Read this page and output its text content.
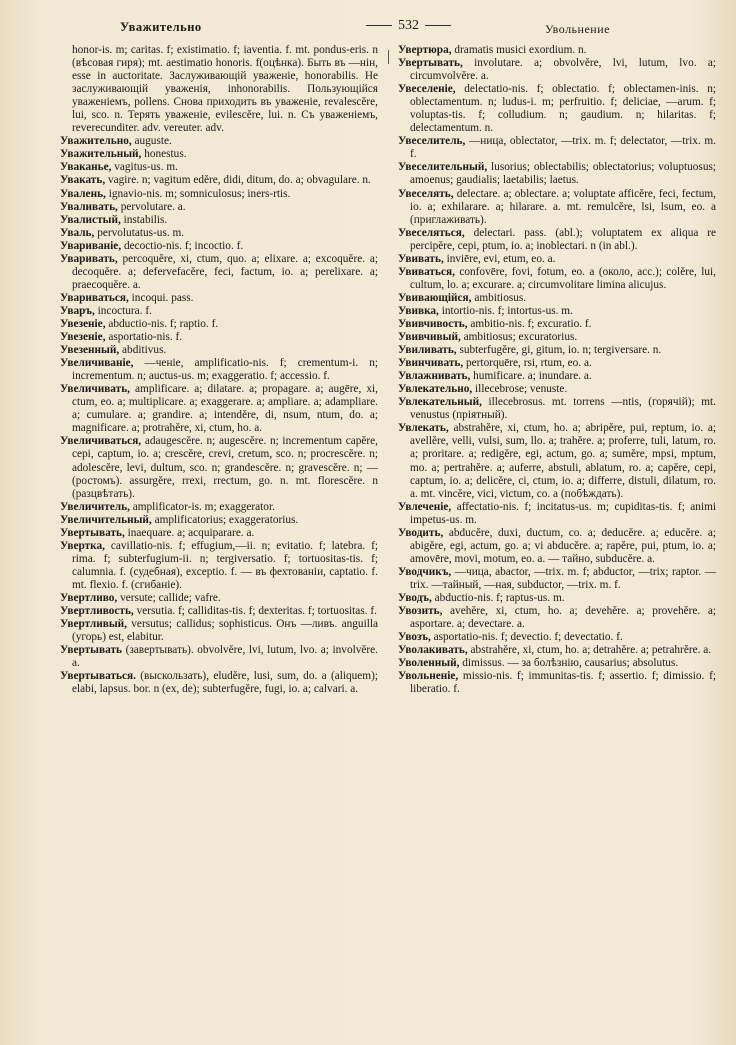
Уважительно	532	Увольнение

honor-is. m; caritas. f; existimatio. f; iaventia. f. mt. pondus-eris. n (вѣсовая гиря); mt. aestimatio honoris. f(оцѣнка). Быть въ —нін, esse in auctoritate. Заслуживающій уваженіе, honorabilis. Не заслуживающій уваженія, inhonorabilis. Пользующійся уваженіемъ, pollens. Снова приходить въ уваженіе, revalescĕre, lui, sco. n. Терять уваженіе, evilescĕre, lui. n. Съ уваженіемъ, reverecunditer. adv. vereuter. adv.

Уважительно, auguste.

Уважительный, honestus.

Уваканье, vagitus-us. m.

Увакать, vagire. n; vagitum edĕre, didi, ditum, do. a; obvagulare. n.

Увалень, ignavio-nis. m; somniculosus; iners-rtis.

Уваливать, pervolutare. a.

Увалистый, instabilis.

Уваль, pervolutatus-us. m.

Увариваніе, decoctio-nis. f; incoctio. f.

Уваривать, percoquĕre, xi, ctum, quo. a; elixare. a; excoquĕre. a; decoquĕre. a; defervefacĕre, feci, factum, io. a; perelixare. a; praecoquĕre. a.

Увариваться, incoqui. pass.

Уваръ, incoctura. f.

Увезеніе, abductio-nis. f; raptio. f.

Увезеніе, asportatio-nis. f.

Увезенный, abditivus.

Увеличиваніе, —ченіе, amplificatio-nis. f; crementum-i. n; incrementum. n; auctus-us. m; exaggeratio. f; accessio. f.

Увеличивать, amplificare. a; dilatare. a; propagare. a; augēre, xi, ctum, eo. a; multiplicare. a; exaggerare. a; ampliare. a; adampliare. a; cumulare. a; grandire. a; intendĕre, di, nsum, ntum, do. a; magnificare. a; protrahĕre, xi, ctum, ho. a.

Увеличиваться, adaugescĕre. n; augescĕre. n; incrementum capĕre, cepi, captum, io. a; crescĕre, crevi, cretum, sco. n; procrescĕre. n; adolescĕre, levi, dultum, sco. n; grandescĕre. n; gravescĕre. n; — (ростомъ). assurgĕre, rrexi, rrectum, go. n. mt. florescĕre. n (разцвѣтать).

Увеличитель, amplificator-is. m; exaggerator.

Увеличительный, amplificatorius; exaggeratorius.

Увертывать, inaequare. a; acquiparare. a.

Увертка, cavillatio-nis. f; effugium,—ii. n; evitatio. f; latebra. f; rima. f; subterfugium-ii. n; tergiversatio. f; tortuositas-tis. f; calumnia. f. (судебная), exceptio. f. — въ фехтованіи, captatio. f. mt. flexio. f. (сгибаніе).

Увертливо, versute; callide; vafre.

Увертливость, versutia. f; calliditas-tis. f; dexteritas. f; tortuositas. f.

Увертливый, versutus; callidus; sophisticus. Онъ —ливъ. anguilla (угорь) est, elabitur.

Увертывать (завертывать). obvolvĕre, lvi, lutum, lvo. a; involvĕre. a.

Увертываться. (выскользать), eludĕre, lusi, sum, do. a (aliquem); elabi, lapsus. bor. n (ex, de); subterfugĕre, fugi, io. a; calvari. a.

Увертюра, dramatis musici exordium. n.

Увертывать, involutare. a; obvolvĕre, lvi, lutum, lvo. a; circumvolvĕre. a.

Увеселеніе, delectatio-nis. f; oblectatio. f; oblectamen-inis. n; oblectamentum. n; ludus-i. m; perfruitio. f; deliciae, —arum. f; voluptas-tis. f; colludium. n; gaudium. n; hilaritas. f; delectamentum. n.

Увеселитель, —ница, oblectator, —trix. m. f; delectator, —trix. m. f.

Увеселительный, lusorius; oblectabilis; oblectatorius; voluptuosus; amoenus; gaudialis; laetabilis; laetus.

Увеселять, delectare. a; oblectare. a; voluptate afficĕre, feci, fectum, io. a; exhilarare. a; hilarare. a. mt. remulcĕre, lsi, lsum, eo. a (приглаживать).

Увеселяться, delectari. pass. (abl.); voluptatem ex aliqua re percipĕre, cepi, ptum, io. a; inoblectari. n (in abl.).

Увивать, inviēre, evi, etum, eo. a.

Увиваться, confovēre, fovi, fotum, eo. a (около, acc.); colĕre, lui, cultum, lo. a; excurare. a; circumvolitare limina alicujus.

Увивающійся, ambitiosus.

Увивка, intortio-nis. f; intortus-us. m.

Увивчивость, ambitio-nis. f; excuratio. f.

Увивчивый, ambitiosus; excuratorius.

Увиливать, subterfugĕre, gi, gitum, io. n; tergiversare. n.

Увинчивать, pertorquēre, rsi, rtum, eo. a.

Увлажнивать, humificare. a; inundare. a.

Увлекательно, illecebrose; venuste.

Увлекательный, illecebrosus. mt. torrens —ntis, (горячій); mt. venustus (прiятный).

Увлекать, abstrahĕre, xi, ctum, ho. a; abripĕre, pui, reptum, io. a; avellĕre, velli, vulsi, sum, llo. a; trahĕre. a; proferre, tuli, latum, ro. a; proritare. a; redigĕre, egi, actum, go. a; sumĕre, mpsi, mptum, mo. a; pertrahĕre. a; auferre, abstuli, ablatum, ro. a; capĕre, cepi, captum, io. a; delicĕre, ci, ctum, io. a; differre, distuli, dilatum, ro. a. mt. vincĕre, vici, victum, co. a (побѣждать).

Увлеченіе, affectatio-nis. f; incitatus-us. m; cupiditas-tis. f; animi impetus-us. m.

Уводить, abducĕre, duxi, ductum, co. a; deducĕre. a; educĕre. a; abigĕre, egi, actum, go. a; vi abducĕre. a; rapĕre, pui, ptum, io. a; amovēre, movi, motum, eo. a. — тайно, subducĕre. a.

Уводчикъ, —чица, abactor, —trix. m. f; abductor, —trix; raptor. —trix. —тайный, —ная, subductor, —trix. m. f.

Уводъ, abductio-nis. f; raptus-us. m.

Увозить, avehĕre, xi, ctum, ho. a; devehĕre. a; provehĕre. a; asportare. a; devectare. a.

Увозъ, asportatio-nis. f; devectio. f; devectatio. f.

Уволакивать, abstrahĕre, xi, ctum, ho. a; detrahĕre. a; petrahrĕre. a.

Уволенный, dimissus. — за болѣзнію, causarius; absolutus.

Увольненіе, missio-nis. f; immunitas-tis. f; assertio. f; dimissio. f; liberatio. f.
